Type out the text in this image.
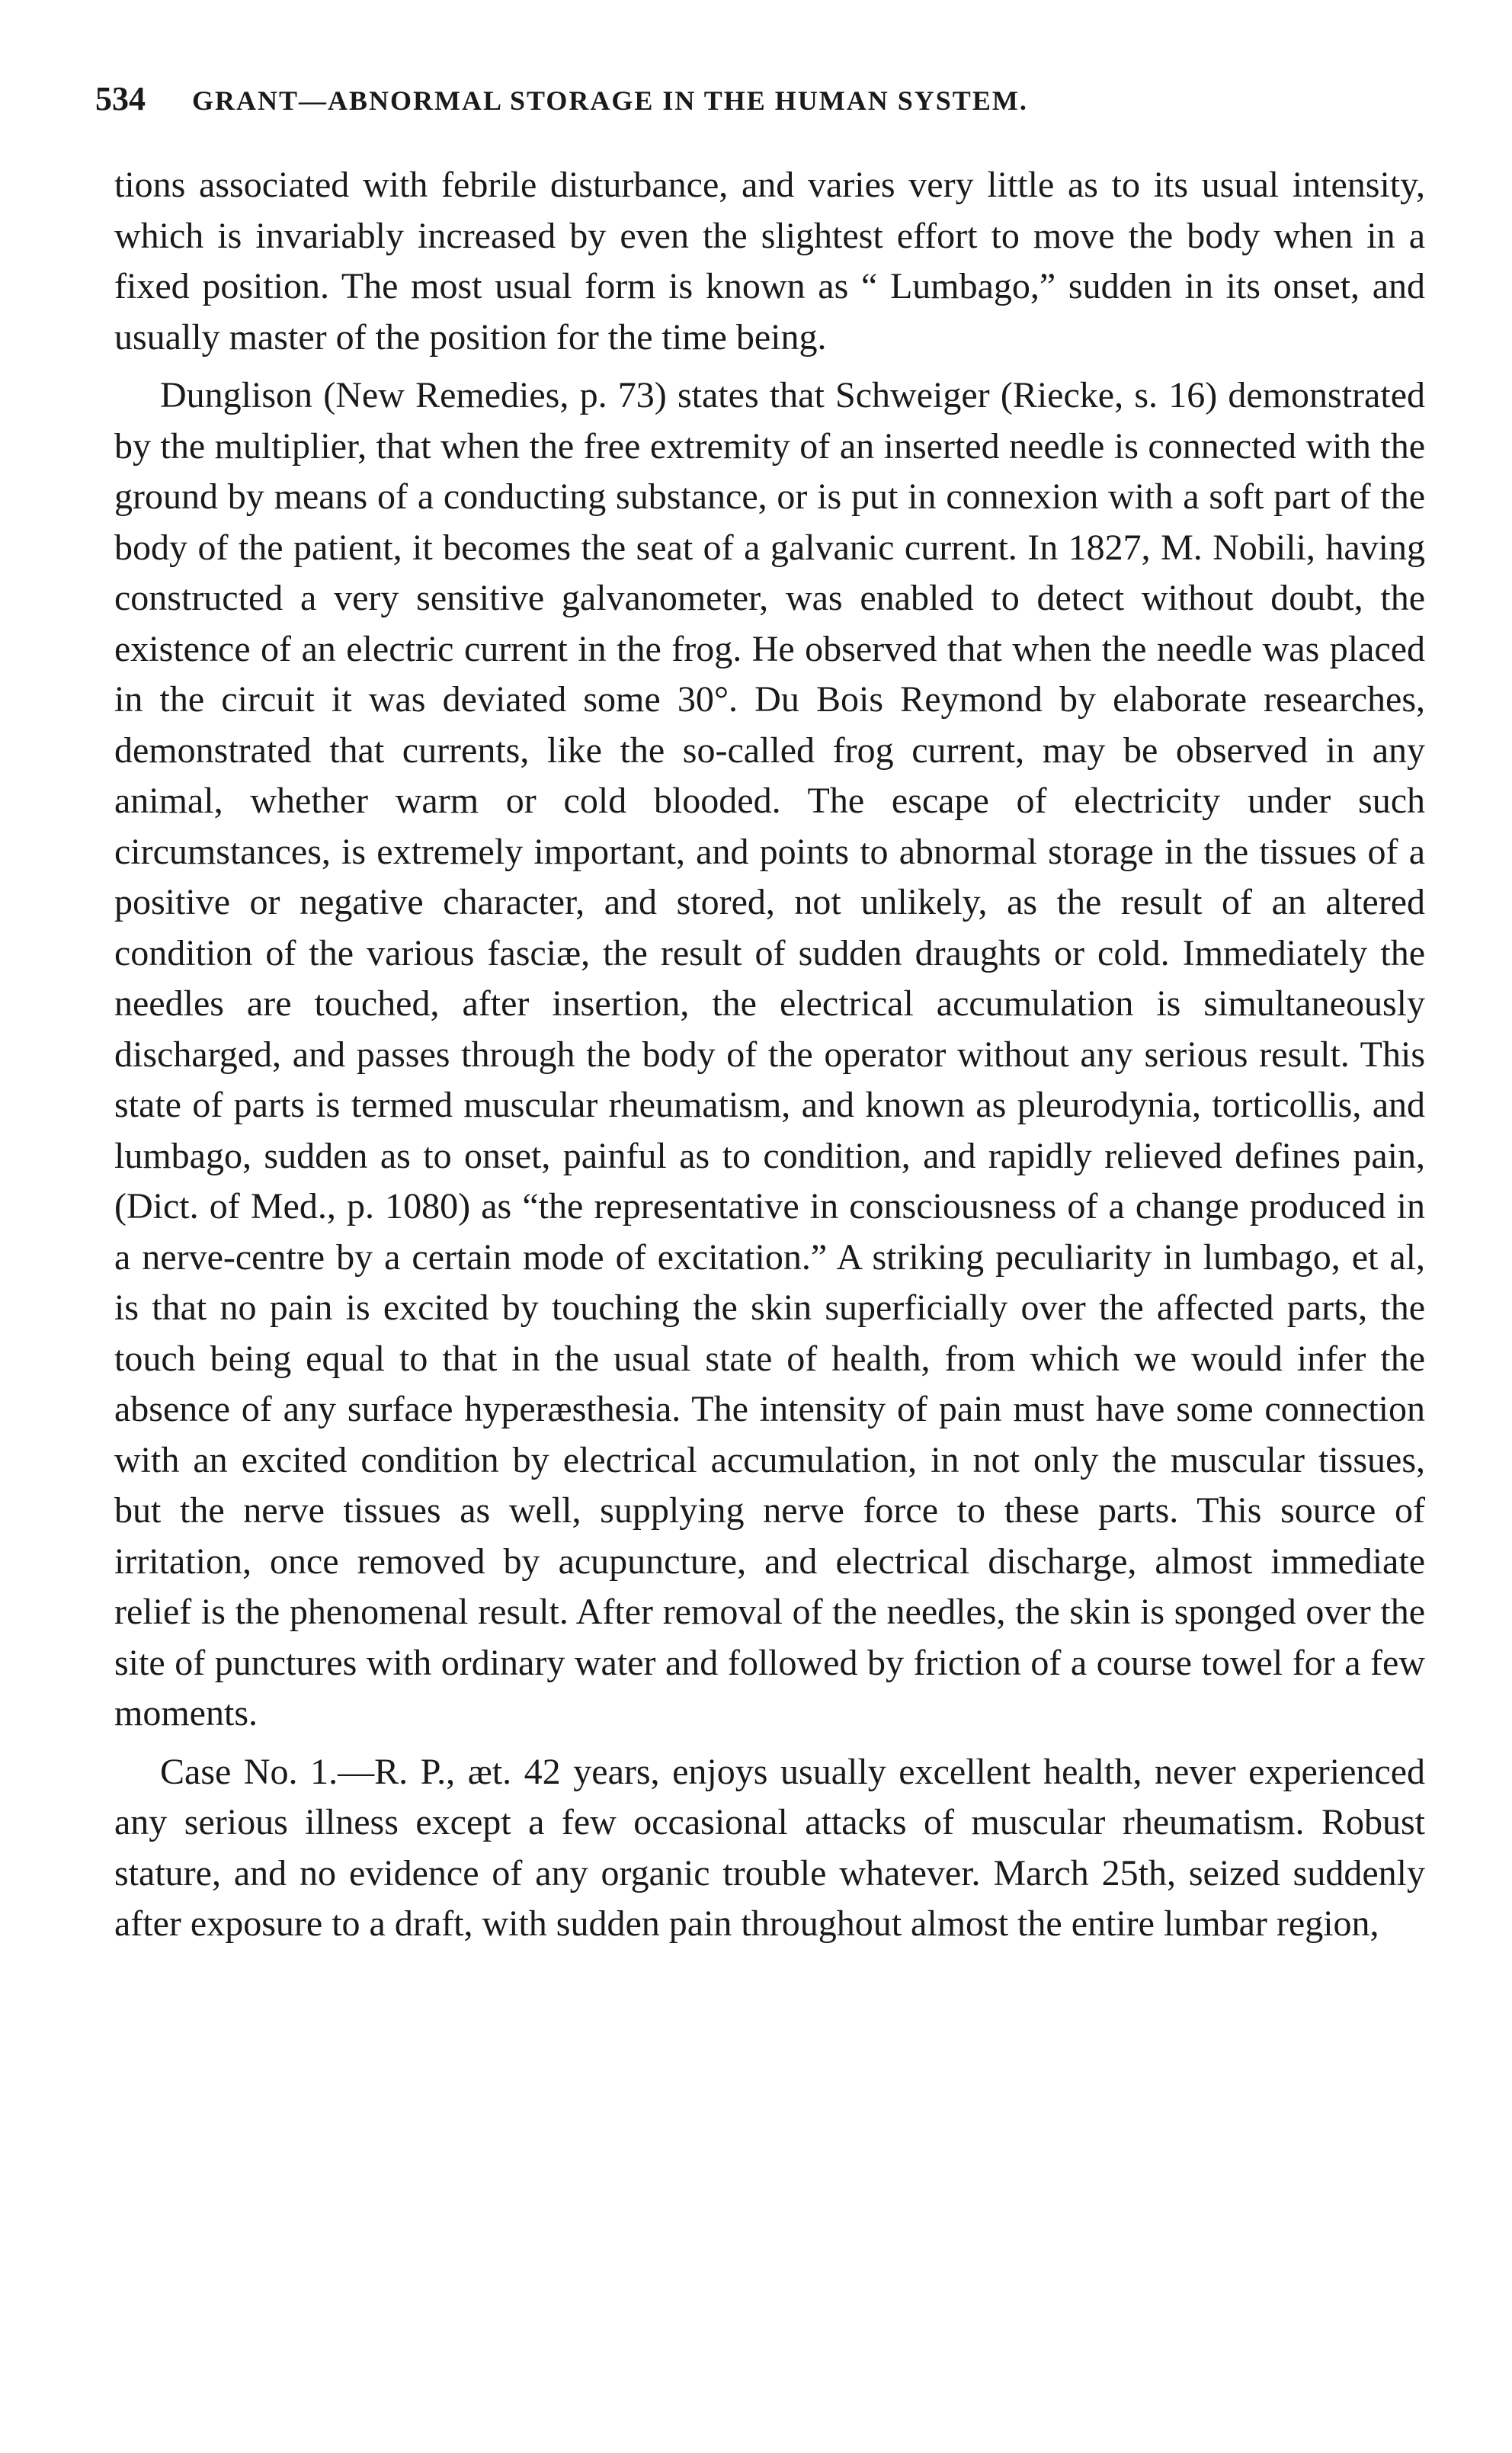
534 GRANT—ABNORMAL STORAGE IN THE HUMAN SYSTEM.

tions associated with febrile disturbance, and varies very little as to its usual intensity, which is invariably increased by even the slightest effort to move the body when in a fixed position. The most usual form is known as “ Lumbago,” sudden in its onset, and usually master of the position for the time being.

Dunglison (New Remedies, p. 73) states that Schweiger (Riecke, s. 16) demonstrated by the multiplier, that when the free extremity of an inserted needle is connected with the ground by means of a conducting substance, or is put in connexion with a soft part of the body of the patient, it becomes the seat of a galvanic current. In 1827, M. Nobili, having constructed a very sensitive galvanometer, was enabled to detect without doubt, the existence of an electric current in the frog. He observed that when the needle was placed in the circuit it was deviated some 30°. Du Bois Reymond by elaborate researches, demonstrated that currents, like the so-called frog current, may be observed in any animal, whether warm or cold blooded. The escape of electricity under such circumstances, is extremely important, and points to abnormal storage in the tissues of a positive or negative character, and stored, not unlikely, as the result of an altered condition of the various fasciæ, the result of sudden draughts or cold. Immediately the needles are touched, after insertion, the electrical accumulation is simultaneously discharged, and passes through the body of the operator without any serious result. This state of parts is termed muscular rheumatism, and known as pleurodynia, torticollis, and lumbago, sudden as to onset, painful as to condition, and rapidly relieved defines pain, (Dict. of Med., p. 1080) as “the representative in consciousness of a change produced in a nerve-centre by a certain mode of excitation.” A striking peculiarity in lumbago, et al, is that no pain is excited by touching the skin superficially over the affected parts, the touch being equal to that in the usual state of health, from which we would infer the absence of any surface hyperæsthesia. The intensity of pain must have some connection with an excited condition by electrical accumulation, in not only the muscular tissues, but the nerve tissues as well, supplying nerve force to these parts. This source of irritation, once removed by acupuncture, and electrical discharge, almost immediate relief is the phenomenal result. After removal of the needles, the skin is sponged over the site of punctures with ordinary water and followed by friction of a course towel for a few moments.

Case No. 1.—R. P., æt. 42 years, enjoys usually excellent health, never experienced any serious illness except a few occasional attacks of muscular rheumatism. Robust stature, and no evidence of any organic trouble whatever. March 25th, seized suddenly after exposure to a draft, with sudden pain throughout almost the entire lumbar region,
